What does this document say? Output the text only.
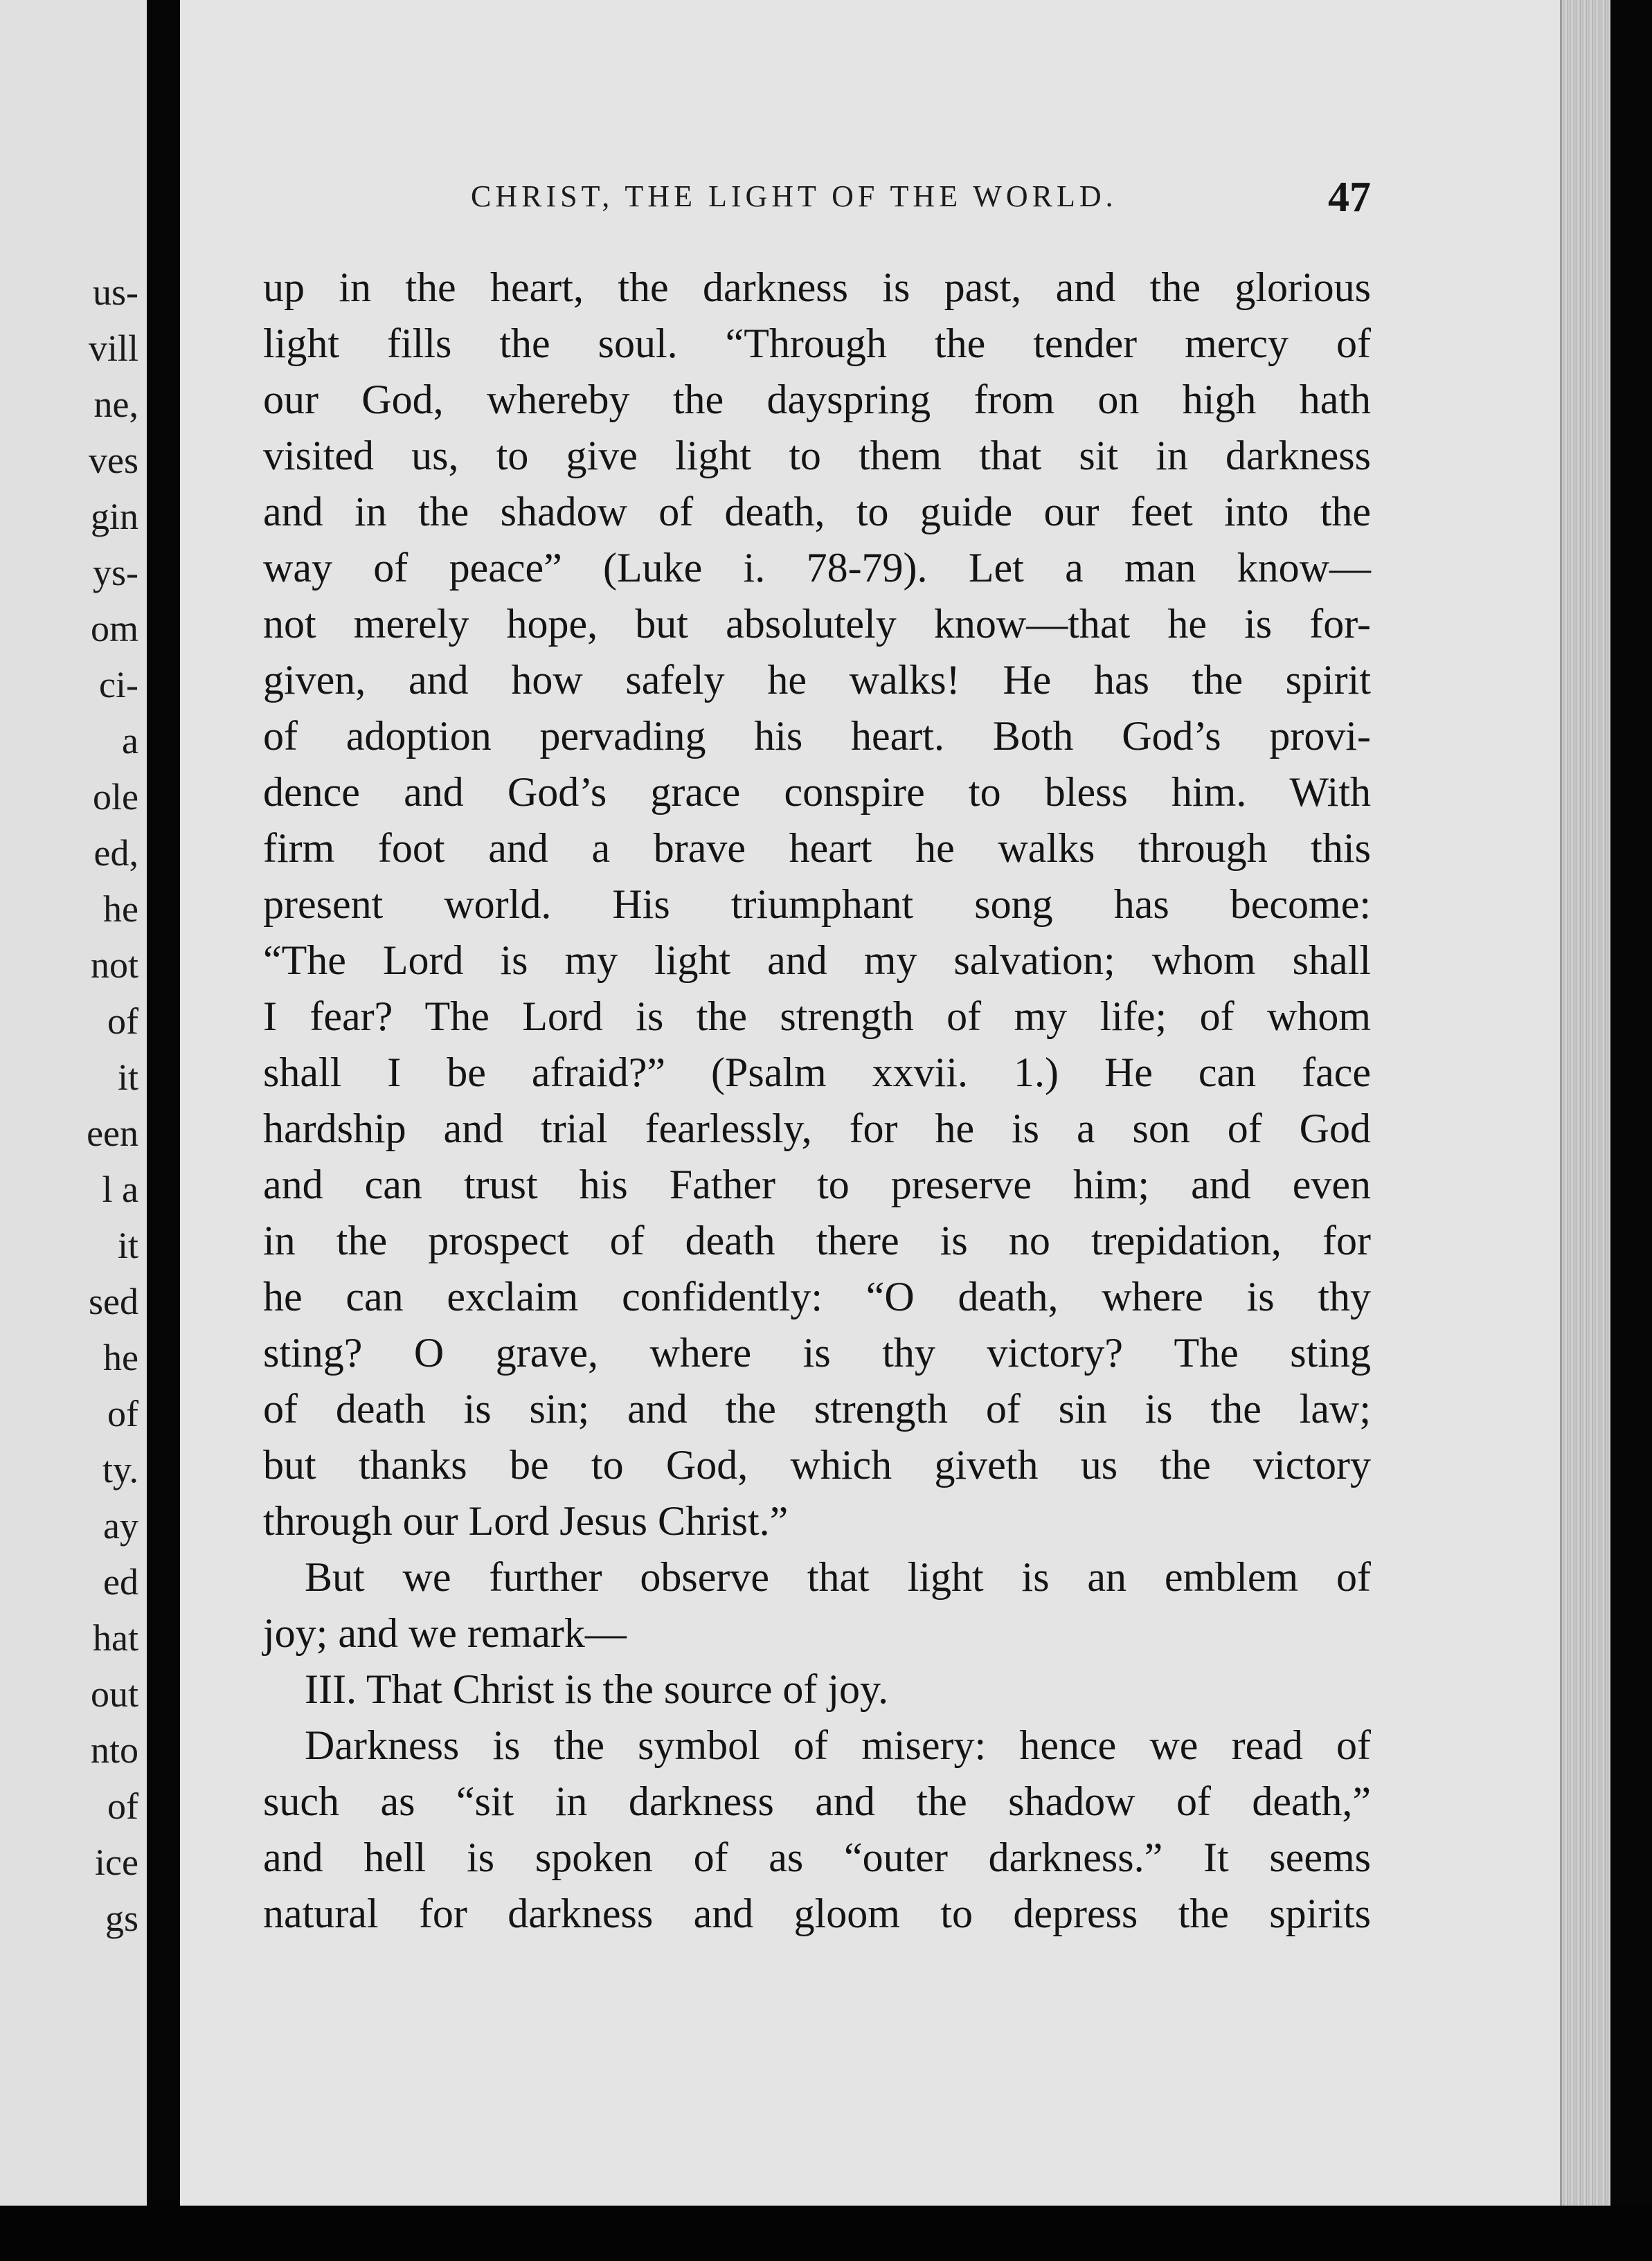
us-
vill
ne,
ves
gin
ys-
om
ci-
a
ole
ed,
he
not
of
it
een
l a
it
sed
he
of
ty.
ay
ed
hat
out
nto
of
ice
gs
CHRIST, THE LIGHT OF THE WORLD.	47
up in the heart, the darkness is past, and the glorious
light fills the soul. “Through the tender mercy of
our God, whereby the dayspring from on high hath
visited us, to give light to them that sit in darkness
and in the shadow of death, to guide our feet into the
way of peace” (Luke i. 78-79). Let a man know—
not merely hope, but absolutely know—that he is for-
given, and how safely he walks! He has the spirit
of adoption pervading his heart. Both God’s provi-
dence and God’s grace conspire to bless him. With
firm foot and a brave heart he walks through this
present world. His triumphant song has become:
“The Lord is my light and my salvation; whom shall
I fear? The Lord is the strength of my life; of whom
shall I be afraid?” (Psalm xxvii. 1.) He can face
hardship and trial fearlessly, for he is a son of God
and can trust his Father to preserve him; and even
in the prospect of death there is no trepidation, for
he can exclaim confidently: “O death, where is thy
sting? O grave, where is thy victory? The sting
of death is sin; and the strength of sin is the law;
but thanks be to God, which giveth us the victory
through our Lord Jesus Christ.”
But we further observe that light is an emblem of
joy; and we remark—
III. That Christ is the source of joy.
Darkness is the symbol of misery: hence we read of
such as “sit in darkness and the shadow of death,”
and hell is spoken of as “outer darkness.” It seems
natural for darkness and gloom to depress the spirits
